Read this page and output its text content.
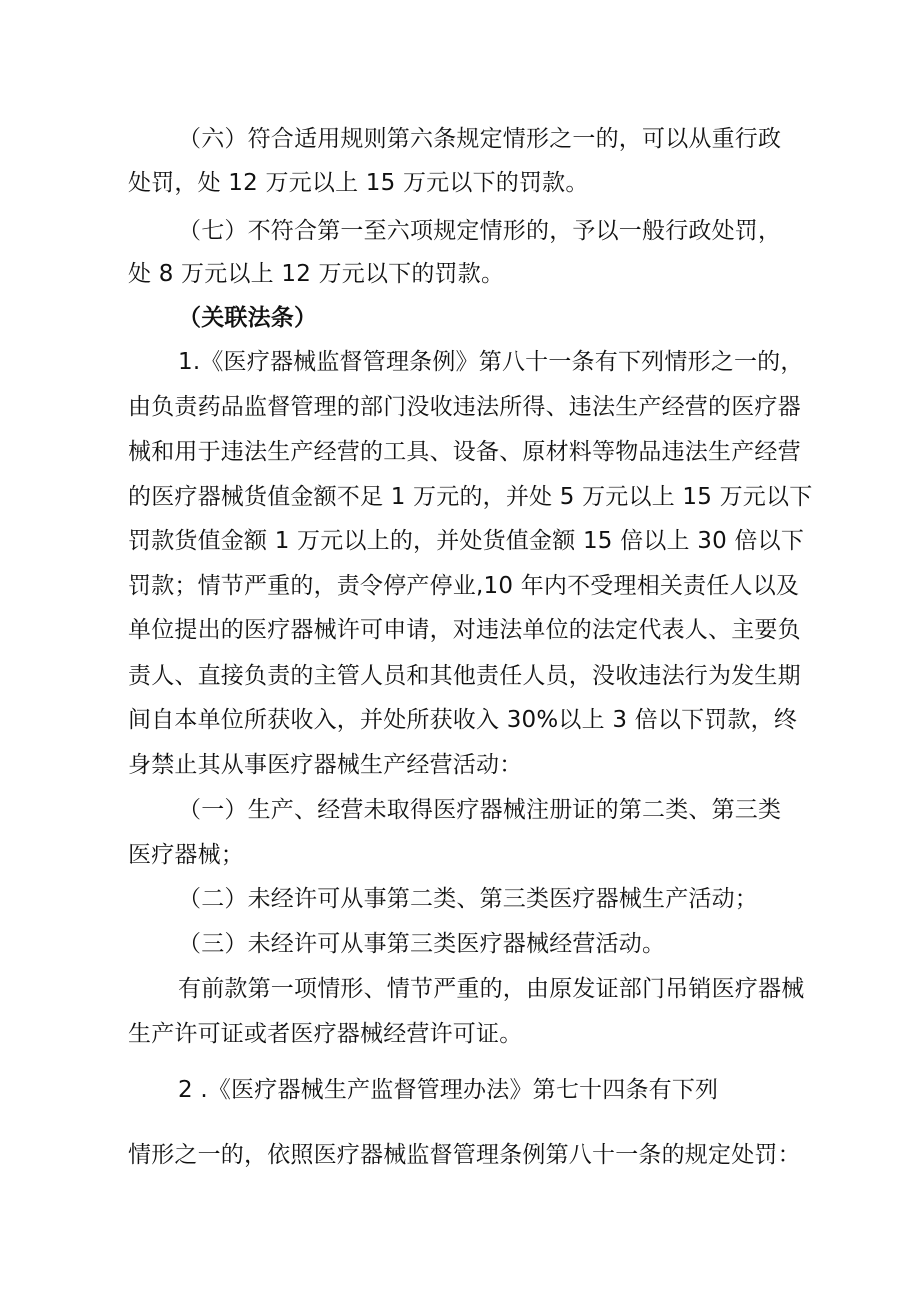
（六）符合适用规则第六条规定情形之一的，可以从重行政
处罚，处 12 万元以上 15 万元以下的罚款。
（七）不符合第一至六项规定情形的，予以一般行政处罚，
处 8 万元以上 12 万元以下的罚款。
（关联法条）
1.《医疗器械监督管理条例》第八十一条有下列情形之一的，
由负责药品监督管理的部门没收违法所得、违法生产经营的医疗器
械和用于违法生产经营的工具、设备、原材料等物品违法生产经营
的医疗器械货值金额不足 1 万元的，并处 5 万元以上 15 万元以下
罚款货值金额 1 万元以上的，并处货值金额 15 倍以上 30 倍以下
罚款；情节严重的，责令停产停业,10 年内不受理相关责任人以及
单位提出的医疗器械许可申请，对违法单位的法定代表人、主要负
责人、直接负责的主管人员和其他责任人员，没收违法行为发生期
间自本单位所获收入，并处所获收入 30%以上 3 倍以下罚款，终
身禁止其从事医疗器械生产经营活动：
（一）生产、经营未取得医疗器械注册证的第二类、第三类
医疗器械；
（二）未经许可从事第二类、第三类医疗器械生产活动；
（三）未经许可从事第三类医疗器械经营活动。
有前款第一项情形、情节严重的，由原发证部门吊销医疗器械
生产许可证或者医疗器械经营许可证。
2 .《医疗器械生产监督管理办法》第七十四条有下列
情形之一的，依照医疗器械监督管理条例第八十一条的规定处罚：
